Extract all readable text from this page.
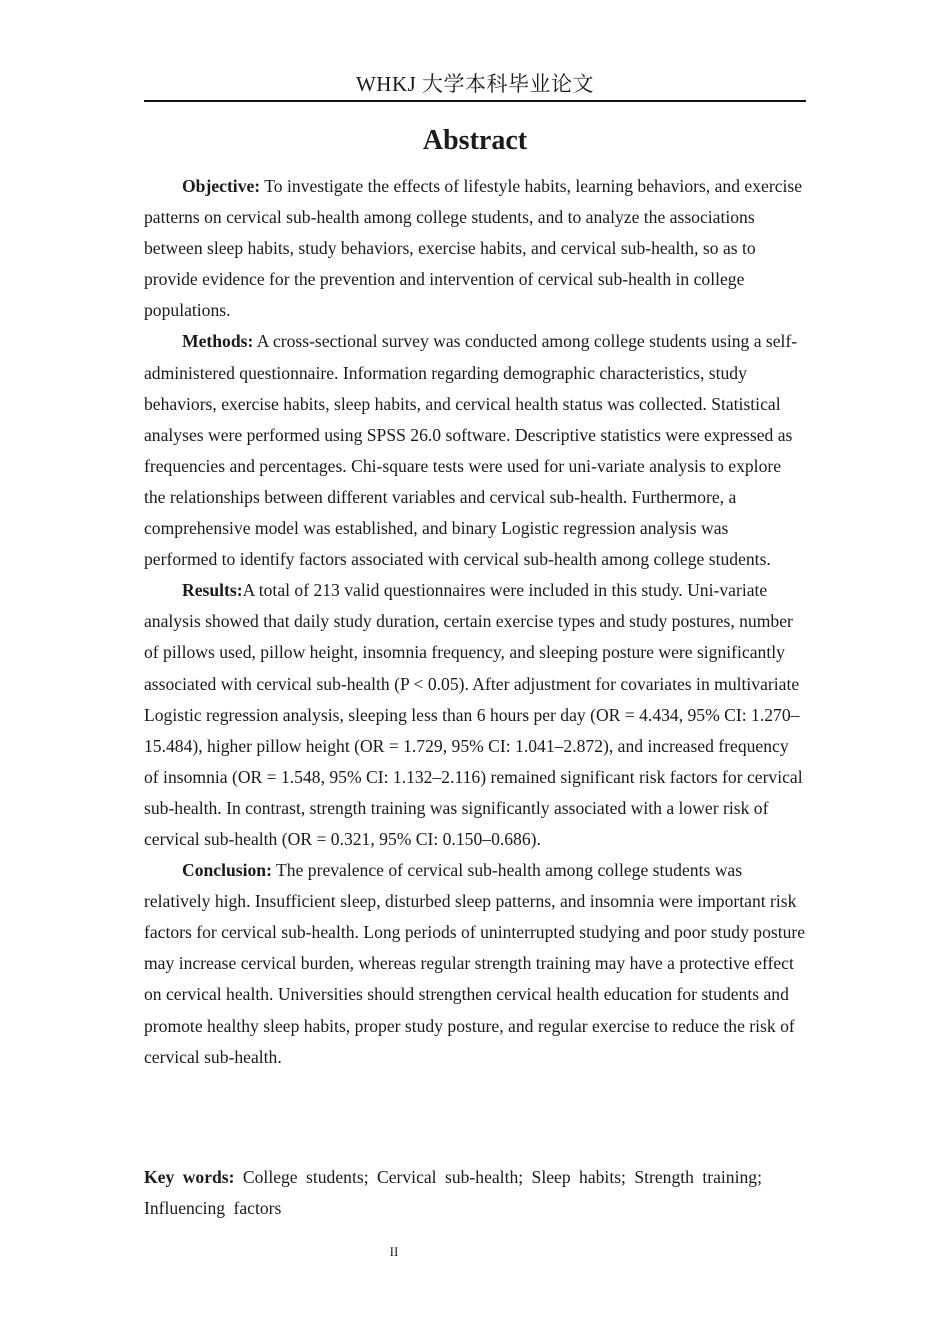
WHKJ 大学本科毕业论文
Abstract

Objective: To investigate the effects of lifestyle habits, learning behaviors, and exercise patterns on cervical sub-health among college students, and to analyze the associations between sleep habits, study behaviors, exercise habits, and cervical sub-health, so as to provide evidence for the prevention and intervention of cervical sub-health in college populations.

Methods: A cross-sectional survey was conducted among college students using a self-administered questionnaire. Information regarding demographic characteristics, study behaviors, exercise habits, sleep habits, and cervical health status was collected. Statistical analyses were performed using SPSS 26.0 software. Descriptive statistics were expressed as frequencies and percentages. Chi-square tests were used for uni-variate analysis to explore the relationships between different variables and cervical sub-health. Furthermore, a comprehensive model was established, and binary Logistic regression analysis was performed to identify factors associated with cervical sub-health among college students.

Results:A total of 213 valid questionnaires were included in this study. Uni-variate analysis showed that daily study duration, certain exercise types and study postures, number of pillows used, pillow height, insomnia frequency, and sleeping posture were significantly associated with cervical sub-health (P < 0.05). After adjustment for covariates in multivariate Logistic regression analysis, sleeping less than 6 hours per day (OR = 4.434, 95% CI: 1.270–15.484), higher pillow height (OR = 1.729, 95% CI: 1.041–2.872), and increased frequency of insomnia (OR = 1.548, 95% CI: 1.132–2.116) remained significant risk factors for cervical sub-health. In contrast, strength training was significantly associated with a lower risk of cervical sub-health (OR = 0.321, 95% CI: 0.150–0.686).

Conclusion: The prevalence of cervical sub-health among college students was relatively high. Insufficient sleep, disturbed sleep patterns, and insomnia were important risk factors for cervical sub-health. Long periods of uninterrupted studying and poor study posture may increase cervical burden, whereas regular strength training may have a protective effect on cervical health. Universities should strengthen cervical health education for students and promote healthy sleep habits, proper study posture, and regular exercise to reduce the risk of cervical sub-health.

Key words: College students; Cervical sub-health; Sleep habits; Strength training; Influencing factors
II
